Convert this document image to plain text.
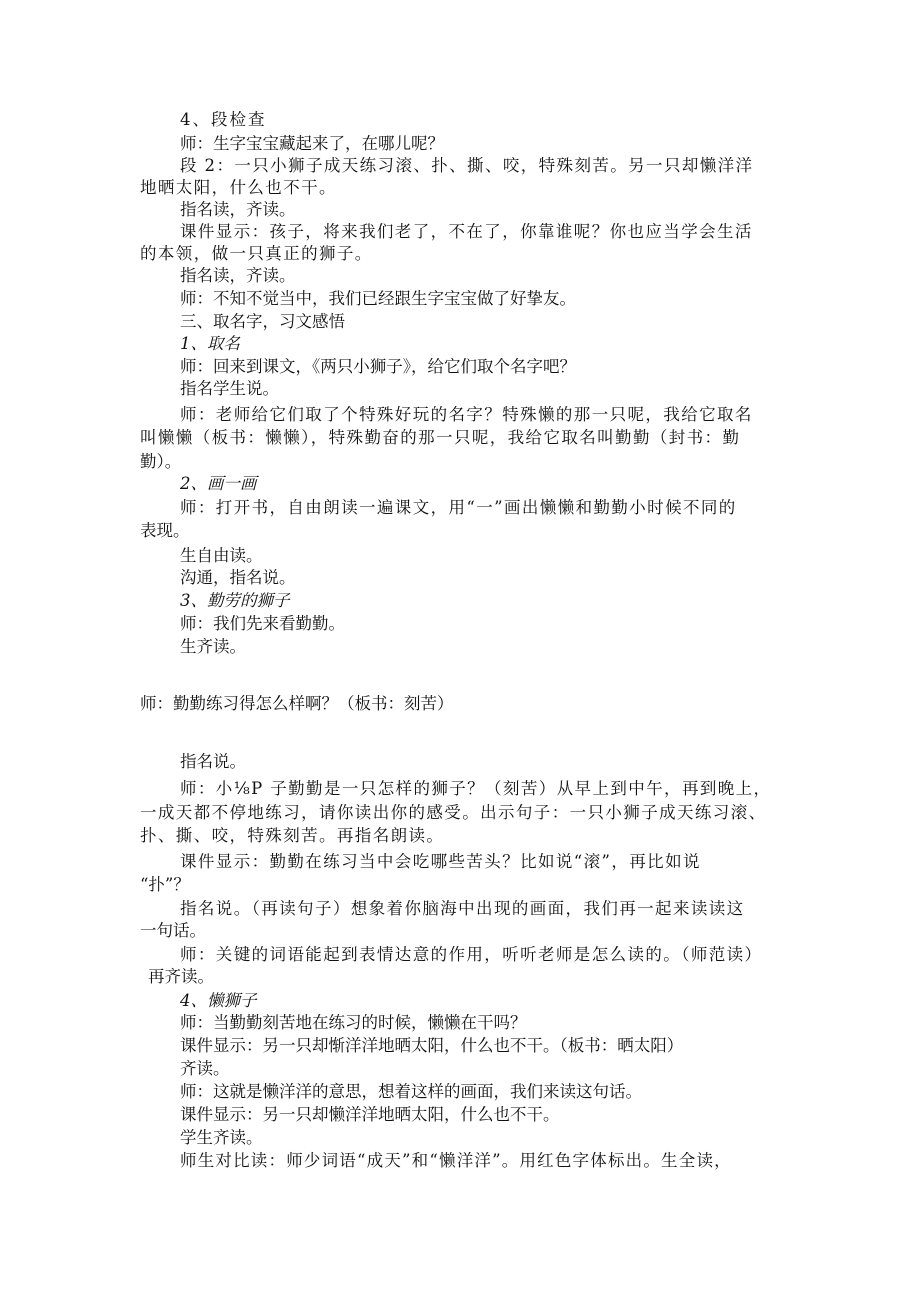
4、段检查
师：生字宝宝藏起来了，在哪儿呢？
段 2：一只小狮子成天练习滚、扑、撕、咬，特殊刻苦。另一只却懒洋洋
地晒太阳，什么也不干。
指名读，齐读。
课件显示：孩子，将来我们老了，不在了，你靠谁呢？你也应当学会生活
的本领，做一只真正的狮子。
指名读，齐读。
师：不知不觉当中，我们已经跟生字宝宝做了好挚友。
三、取名字，习文感悟
1、取名
师：回来到课文，《两只小狮子》，给它们取个名字吧？
指名学生说。
师：老师给它们取了个特殊好玩的名字？特殊懒的那一只呢，我给它取名
叫懒懒（板书：懒懒），特殊勤奋的那一只呢，我给它取名叫勤勤（封书：勤
勤）。
2、画一画
师：打开书，自由朗读一遍课文，用“一”画出懒懒和勤勤小时候不同的
表现。
生自由读。
沟通，指名说。
3、勤劳的狮子
师：我们先来看勤勤。
生齐读。
师：勤勤练习得怎么样啊？（板书：刻苦）
指名说。
师：小⅛P 子勤勤是一只怎样的狮子？（刻苦）从早上到中午，再到晚上，
一成天都不停地练习，请你读出你的感受。出示句子：一只小狮子成天练习滚、
扑、撕、咬，特殊刻苦。再指名朗读。
课件显示：勤勤在练习当中会吃哪些苦头？比如说“滚”，再比如说
“扑”？
指名说。（再读句子）想象着你脑海中出现的画面，我们再一起来读读这
一句话。
师：关键的词语能起到表情达意的作用，听听老师是怎么读的。（师范读）
再齐读。
4、懒狮子
师：当勤勤刻苦地在练习的时候，懒懒在干吗？
课件显示：另一只却惭洋洋地晒太阳，什么也不干。（板书：晒太阳）
齐读。
师：这就是懒洋洋的意思，想着这样的画面，我们来读这句话。
课件显示：另一只却懒洋洋地晒太阳，什么也不干。
学生齐读。
师生对比读：师少词语“成天”和“懒洋洋”。用红色字体标出。生全读，
